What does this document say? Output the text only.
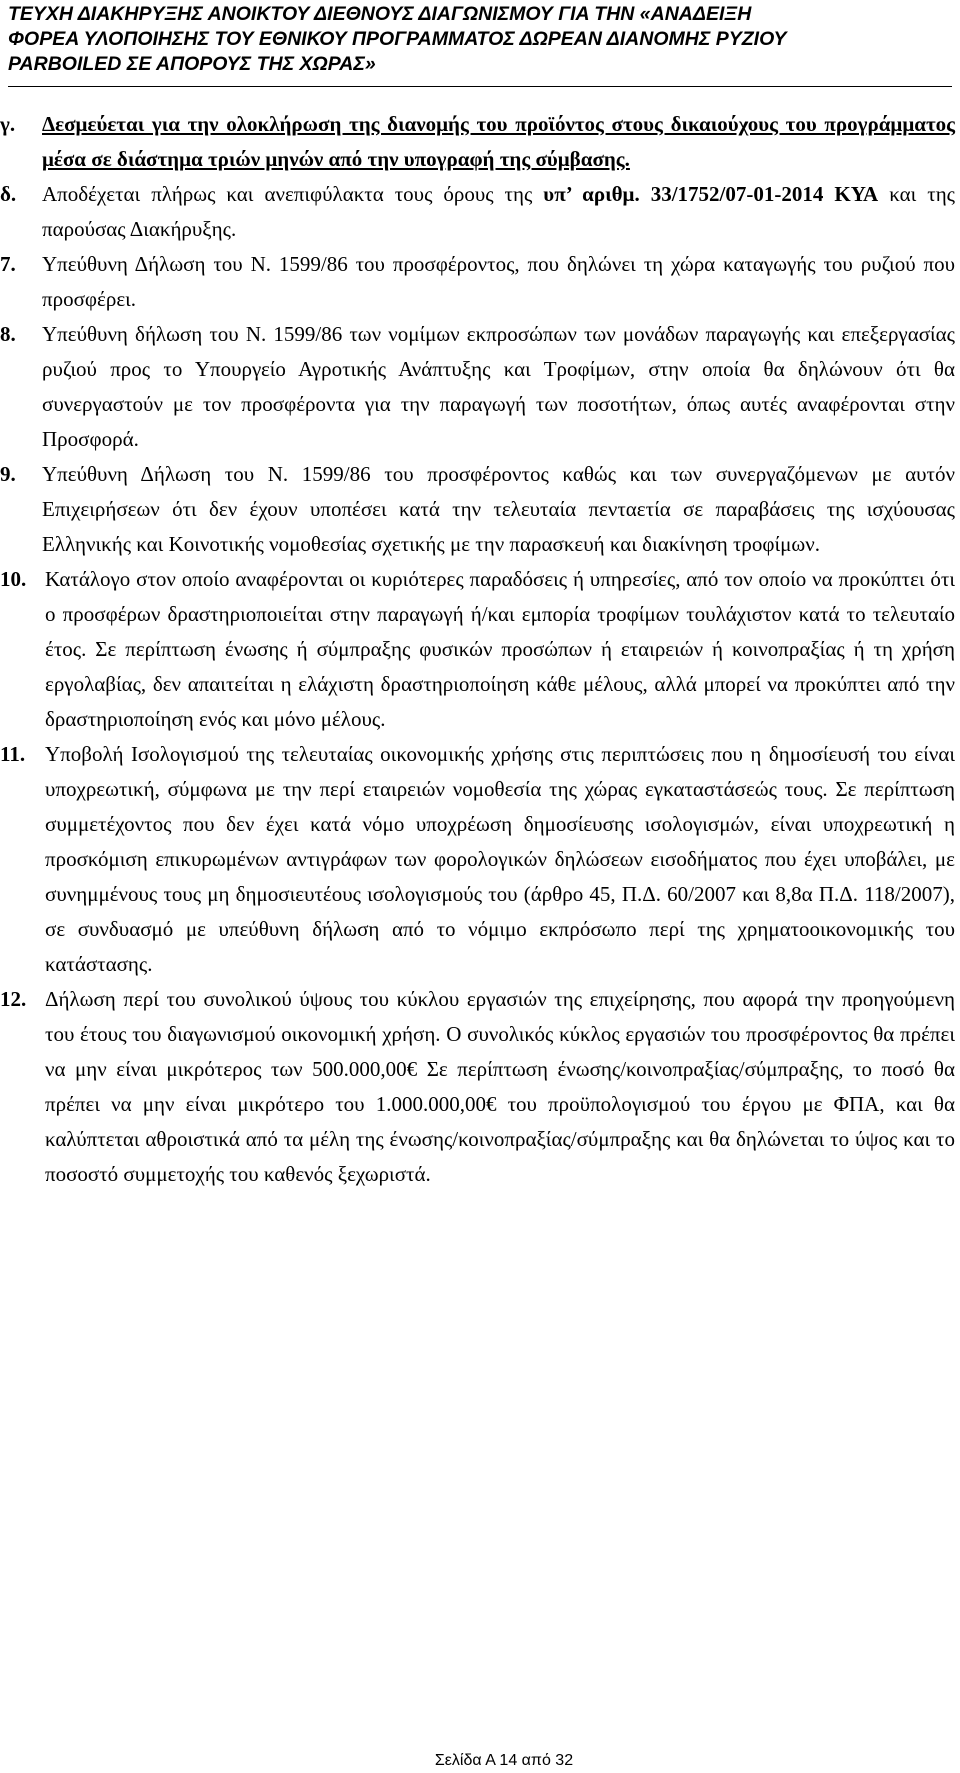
ΤΕΥΧΗ ΔΙΑΚΗΡΥΞΗΣ ΑΝΟΙΚΤΟΥ ΔΙΕΘΝΟΥΣ ΔΙΑΓΩΝΙΣΜΟΥ ΓΙΑ ΤΗΝ «ΑΝΑΔΕΙΞΗ
ΦΟΡΕΑ ΥΛΟΠΟΙΗΣΗΣ ΤΟΥ ΕΘΝΙΚΟΥ ΠΡΟΓΡΑΜΜΑΤΟΣ ΔΩΡΕΑΝ ΔΙΑΝΟΜΗΣ ΡΥΖΙΟΥ
PARBOILED ΣΕ ΑΠΟΡΟΥΣ ΤΗΣ ΧΩΡΑΣ»
γ. Δεσμεύεται για την ολοκλήρωση της διανομής του προϊόντος στους δικαιούχους του προγράμματος μέσα σε διάστημα τριών μηνών από την υπογραφή της σύμβασης.
δ. Αποδέχεται πλήρως και ανεπιφύλακτα τους όρους της υπ’ αριθμ. 33/1752/07-01-2014 ΚΥΑ και της παρούσας Διακήρυξης.
7. Υπεύθυνη Δήλωση του Ν. 1599/86 του προσφέροντος, που δηλώνει τη χώρα καταγωγής του ρυζιού που προσφέρει.
8. Υπεύθυνη δήλωση του Ν. 1599/86 των νομίμων εκπροσώπων των μονάδων παραγωγής και επεξεργασίας ρυζιού προς το Υπουργείο Αγροτικής Ανάπτυξης και Τροφίμων, στην οποία θα δηλώνουν ότι θα συνεργαστούν με τον προσφέροντα για την παραγωγή των ποσοτήτων, όπως αυτές αναφέρονται στην Προσφορά.
9. Υπεύθυνη Δήλωση του Ν. 1599/86 του προσφέροντος καθώς και των συνεργαζόμενων με αυτόν Επιχειρήσεων ότι δεν έχουν υποπέσει κατά την τελευταία πενταετία σε παραβάσεις της ισχύουσας Ελληνικής και Κοινοτικής νομοθεσίας σχετικής με την παρασκευή και διακίνηση τροφίμων.
10. Κατάλογο στον οποίο αναφέρονται οι κυριότερες παραδόσεις ή υπηρεσίες, από τον οποίο να προκύπτει ότι ο προσφέρων δραστηριοποιείται στην παραγωγή ή/και εμπορία τροφίμων τουλάχιστον κατά το τελευταίο έτος. Σε περίπτωση ένωσης ή σύμπραξης φυσικών προσώπων ή εταιρειών ή κοινοπραξίας ή τη χρήση εργολαβίας, δεν απαιτείται η ελάχιστη δραστηριοποίηση κάθε μέλους, αλλά μπορεί να προκύπτει από την δραστηριοποίηση ενός και μόνο μέλους.
11. Υποβολή Ισολογισμού της τελευταίας οικονομικής χρήσης στις περιπτώσεις που η δημοσίευσή του είναι υποχρεωτική, σύμφωνα με την περί εταιρειών νομοθεσία της χώρας εγκαταστάσεώς τους. Σε περίπτωση συμμετέχοντος που δεν έχει κατά νόμο υποχρέωση δημοσίευσης ισολογισμών, είναι υποχρεωτική η προσκόμιση επικυρωμένων αντιγράφων των φορολογικών δηλώσεων εισοδήματος που έχει υποβάλει, με συνημμένους τους μη δημοσιευτέους ισολογισμούς του (άρθρο 45, Π.Δ. 60/2007 και 8,8α Π.Δ. 118/2007), σε συνδυασμό με υπεύθυνη δήλωση από το νόμιμο εκπρόσωπο περί της χρηματοοικονομικής του κατάστασης.
12. Δήλωση περί του συνολικού ύψους του κύκλου εργασιών της επιχείρησης, που αφορά την προηγούμενη του έτους του διαγωνισμού οικονομική χρήση. Ο συνολικός κύκλος εργασιών του προσφέροντος θα πρέπει να μην είναι μικρότερος των 500.000,00€ Σε περίπτωση ένωσης/κοινοπραξίας/σύμπραξης, το ποσό θα πρέπει να μην είναι μικρότερο του 1.000.000,00€ του προϋπολογισμού του έργου με ΦΠΑ, και θα καλύπτεται αθροιστικά από τα μέλη της ένωσης/κοινοπραξίας/σύμπραξης και θα δηλώνεται το ύψος και το ποσοστό συμμετοχής του καθενός ξεχωριστά.
Σελίδα Α 14 από 32
